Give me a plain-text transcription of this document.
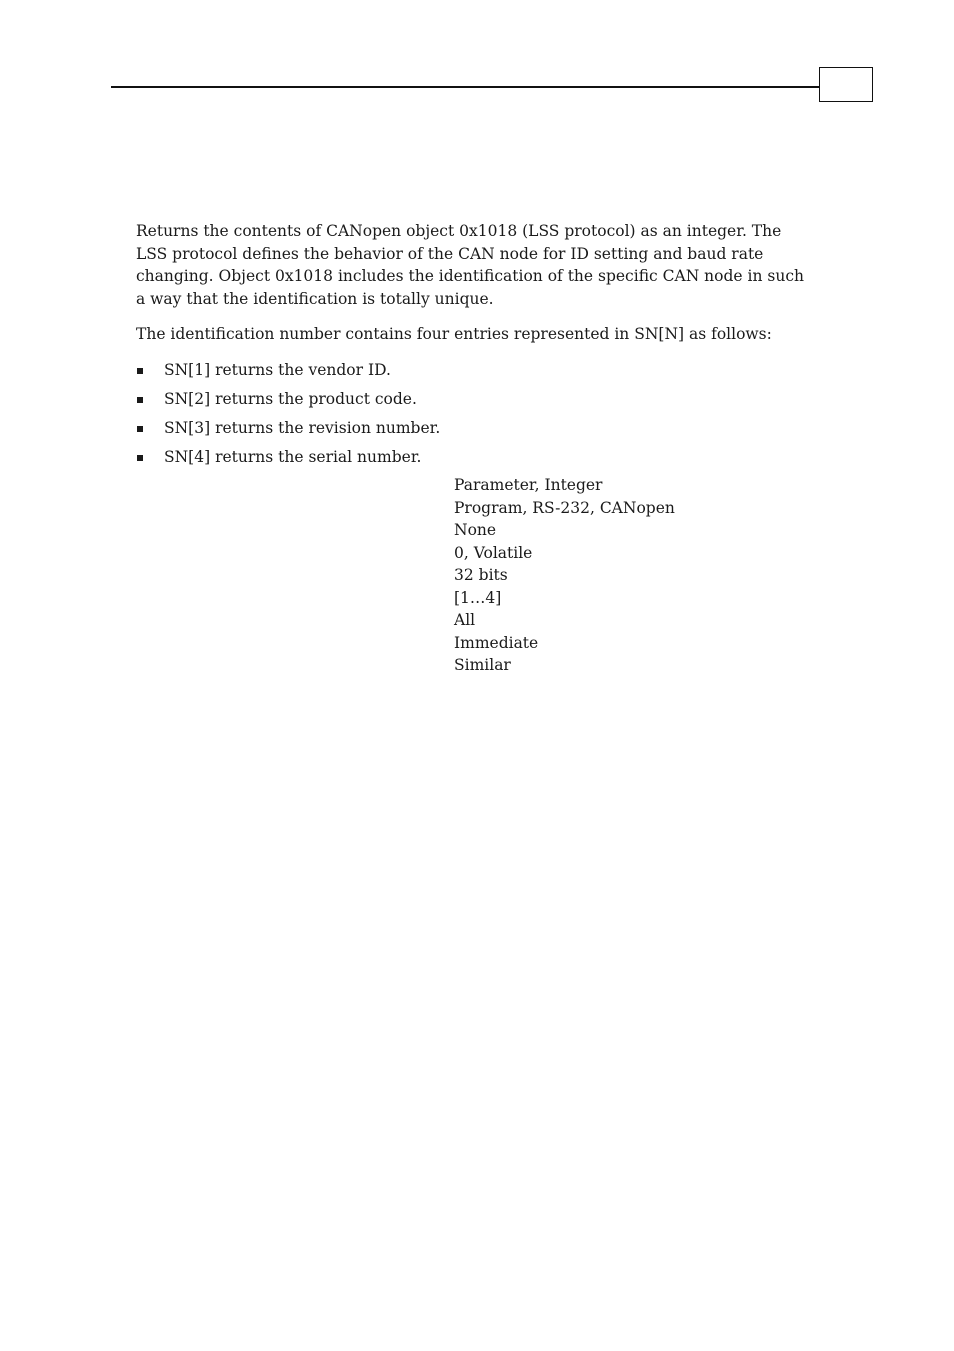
Returns the contents of CANopen object 0x1018 (LSS protocol) as an integer. The LSS protocol defines the behavior of the CAN node for ID setting and baud rate changing. Object 0x1018 includes the identification of the specific CAN node in such a way that the identification is totally unique.

The identification number contains four entries represented in SN[N] as follows:

SN[1] returns the vendor ID.
SN[2] returns the product code.
SN[3] returns the revision number.
SN[4] returns the serial number.
Parameter, Integer
Program, RS-232, CANopen
None
0, Volatile
32 bits
[1…4]
All
Immediate
Similar
